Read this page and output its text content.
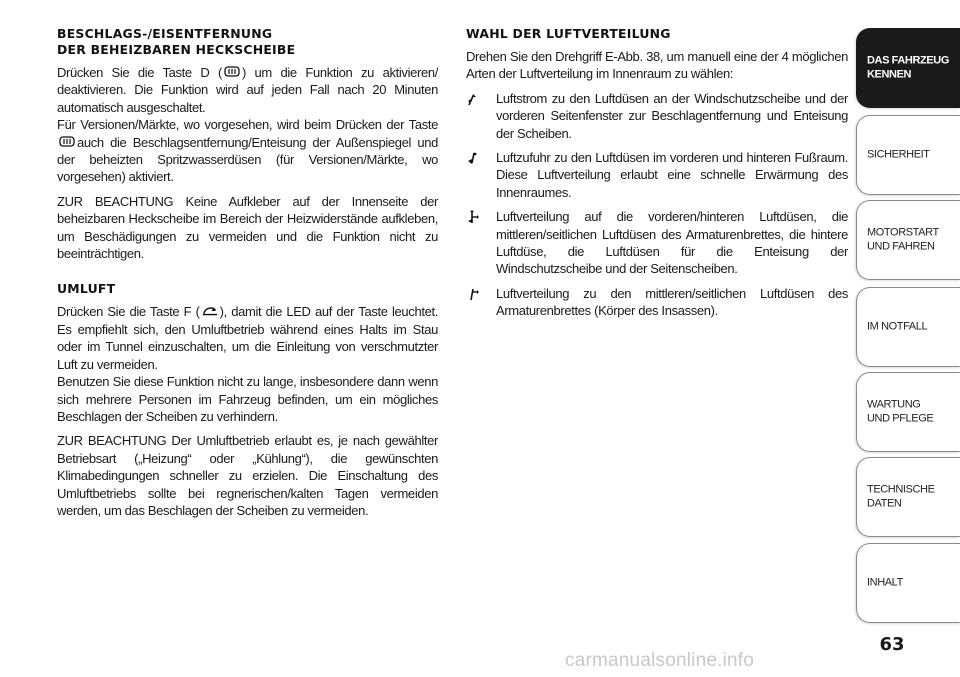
BESCHLAGS-/EISENTFERNUNG
DER BEHEIZBAREN HECKSCHEIBE
Drücken Sie die Taste D ( ) um die Funktion zu aktivieren/ deaktivieren. Die Funktion wird auf jeden Fall nach 20 Minuten automatisch ausgeschaltet.
Für Versionen/Märkte, wo vorgesehen, wird beim Drücken der Tasteauch die Beschlagsentfernung/Enteisung der Außenspiegel und der beheizten Spritzwasserdüsen (für Versionen/Märkte, wo vorgesehen) aktiviert.
ZUR BEACHTUNG Keine Aufkleber auf der Innenseite der beheizbaren Heckscheibe im Bereich der Heizwiderstände aufkleben, um Beschädigungen zu vermeiden und die Funktion nicht zu beeinträchtigen.
UMLUFT
Drücken Sie die Taste F ( ), damit die LED auf der Taste leuchtet. Es empfiehlt sich, den Umluftbetrieb während eines Halts im Stau oder im Tunnel einzuschalten, um die Einleitung von verschmutzter Luft zu vermeiden.
Benutzen Sie diese Funktion nicht zu lange, insbesondere dann wenn sich mehrere Personen im Fahrzeug befinden, um ein mögliches Beschlagen der Scheiben zu verhindern.
ZUR BEACHTUNG Der Umluftbetrieb erlaubt es, je nach gewählter Betriebsart („Heizung“ oder „Kühlung“), die gewünschten Klimabedingungen schneller zu erzielen. Die Einschaltung des Umluftbetriebs sollte bei regnerischen/kalten Tagen vermeiden werden, um das Beschlagen der Scheiben zu vermeiden.
WAHL DER LUFTVERTEILUNG
Drehen Sie den Drehgriff E-Abb. 38, um manuell eine der 4 möglichen Arten der Luftverteilung im Innenraum zu wählen:
Luftstrom zu den Luftdüsen an der Windschutzscheibe und der vorderen Seitenfenster zur Beschlagentfernung und Enteisung der Scheiben.
Luftzufuhr zu den Luftdüsen im vorderen und hinteren Fußraum. Diese Luftverteilung erlaubt eine schnelle Erwärmung des Innenraumes.
Luftverteilung auf die vorderen/hinteren Luftdüsen, die mittleren/seitlichen Luftdüsen des Armaturenbrettes, die hintere Luftdüse, die Luftdüsen für die Enteisung der Windschutzscheibe und der Seitenscheiben.
Luftverteilung zu den mittleren/seitlichen Luftdüsen des Armaturenbrettes (Körper des Insassen).
DAS FAHRZEUG
KENNEN
SICHERHEIT
MOTORSTART
UND FAHREN
IM NOTFALL
WARTUNG
UND PFLEGE
TECHNISCHE
DATEN
INHALT
63
carmanualsonline.info
